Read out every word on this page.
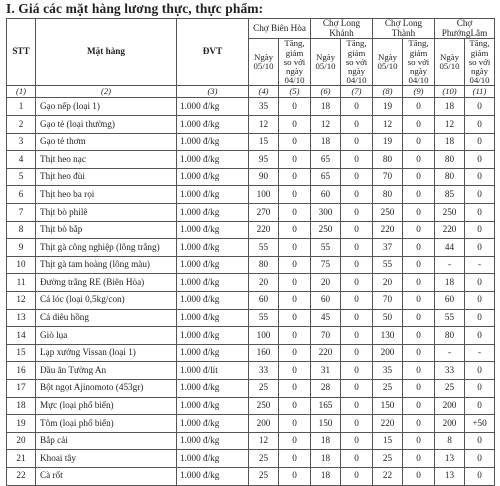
I. Giá các mặt hàng lương thực, thực phẩm:
STT	Mặt hàng	ĐVT	Chợ Biên Hòa		Chợ Long Khánh		Chợ Long Thành		Chợ PhướngLâm	
			Ngày 05/10	Tăng, giảm so với ngày 04/10	Ngày 05/10	Tăng, giảm so với ngày 04/10	Ngày 05/10	Tăng, giảm so với ngày 04/10	Ngày 05/10	Tăng, giảm so với ngày 04/10
(1)	(2)	(3)	(4)	(5)	(6)	(7)	(8)	(9)	(10)	(11)
1	Gạo nếp (loại 1)	1.000 đ/kg	35	0	18	0	19	0	18	0
2	Gạo tẻ (loại thường)	1.000 đ/kg	12	0	12	0	12	0	12	0
3	Gạo tẻ thơm	1.000 đ/kg	15	0	18	0	19	0	18	0
4	Thịt heo nạc	1.000 đ/kg	95	0	65	0	80	0	80	0
5	Thịt heo đùi	1.000 đ/kg	90	0	65	0	70	0	80	0
6	Thịt heo ba rọi	1.000 đ/kg	100	0	60	0	80	0	85	0
7	Thịt bò philê	1.000 đ/kg	270	0	300	0	250	0	250	0
8	Thịt bò bắp	1.000 đ/kg	220	0	250	0	220	0	220	0
9	Thịt gà công nghiệp (lông trắng)	1.000 đ/kg	55	0	55	0	37	0	44	0
10	Thịt gà tam hoàng (lông màu)	1.000 đ/kg	80	0	75	0	55	0	-	-
11	Đường trắng RE (Biên Hòa)	1.000 đ/kg	20	0	20	0	20	0	18	0
12	Cá lóc (loại 0,5kg/con)	1.000 đ/kg	60	0	60	0	70	0	60	0
13	Cá diêu hồng	1.000 đ/kg	55	0	45	0	50	0	55	0
14	Giò lụa	1.000 đ/kg	100	0	70	0	130	0	80	0
15	Lạp xưởng Vissan (loại 1)	1.000 đ/kg	160	0	220	0	200	0	-	-
16	Dầu ăn Tường An	1.000 đ/lít	33	0	31	0	35	0	33	0
17	Bột ngọt Ajinomoto (453gr)	1.000 đ/kg	25	0	28	0	25	0	25	0
18	Mực (loại phổ biến)	1.000 đ/kg	250	0	165	0	150	0	200	0
19	Tôm (loại phổ biến)	1.000 đ/kg	200	0	150	0	220	0	200	+50
20	Bắp cải	1.000 đ/kg	12	0	18	0	15	0	8	0
21	Khoai tây	1.000 đ/kg	25	0	18	0	25	0	13	0
22	Cà rốt	1.000 đ/kg	25	0	18	0	22	0	13	0
